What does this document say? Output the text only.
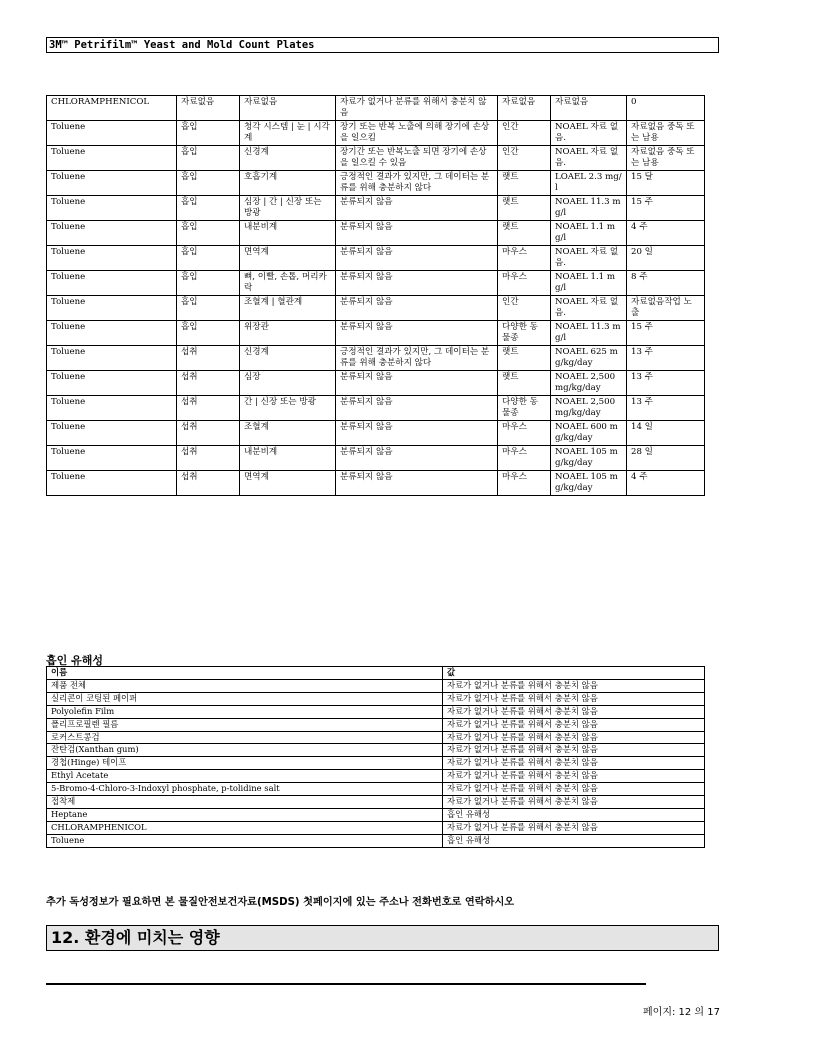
3M™ Petrifilm™ Yeast and Mold Count Plates
CHLORAMPHENICOL	자료없음	자료없음	자료가 없거나 분류를 위해서 충분치 않음	자료없음	자료없음	0
Toluene	흡입	청각 시스템 | 눈 | 시각계	장기 또는 반복 노출에 의해 장기에 손상을 일으킴	인간	NOAEL 자료 없음.	자료없음 중독 또는 남용
Toluene	흡입	신경계	장기간 또는 반복노출 되면 장기에 손상을 일으킬 수 있음	인간	NOAEL 자료 없음.	자료없음 중독 또는 남용
Toluene	흡입	호흡기계	긍정적인 결과가 있지만, 그 데이터는 분류를 위해 충분하지 않다	랫트	LOAEL 2.3 mg/l	15 달
Toluene	흡입	심장 | 간 | 신장 또는 방광	분류되지 않음	랫트	NOAEL 11.3 mg/l	15 주
Toluene	흡입	내분비계	분류되지 않음	랫트	NOAEL 1.1 mg/l	4 주
Toluene	흡입	면역계	분류되지 않음	마우스	NOAEL 자료 없음.	20 일
Toluene	흡입	뼈, 이빨, 손톱, 머리카락	분류되지 않음	마우스	NOAEL 1.1 mg/l	8 주
Toluene	흡입	조혈계 | 혈관계	분류되지 않음	인간	NOAEL 자료 없음.	자료없음작업 노출
Toluene	흡입	위장관	분류되지 않음	다양한 동물종	NOAEL 11.3 mg/l	15 주
Toluene	섭취	신경계	긍정적인 결과가 있지만, 그 데이터는 분류를 위해 충분하지 않다	랫트	NOAEL 625 mg/kg/day	13 주
Toluene	섭취	심장	분류되지 않음	랫트	NOAEL 2,500 mg/kg/day	13 주
Toluene	섭취	간 | 신장 또는 방광	분류되지 않음	다양한 동물종	NOAEL 2,500 mg/kg/day	13 주
Toluene	섭취	조혈계	분류되지 않음	마우스	NOAEL 600 mg/kg/day	14 일
Toluene	섭취	내분비계	분류되지 않음	마우스	NOAEL 105 mg/kg/day	28 일
Toluene	섭취	면역계	분류되지 않음	마우스	NOAEL 105 mg/kg/day	4 주
흡인 유해성
이름	값
제품 전체	자료가 없거나 분류를 위해서 충분치 않음
실리콘이 코팅된 페이퍼	자료가 없거나 분류를 위해서 충분치 않음
Polyolefin Film	자료가 없거나 분류를 위해서 충분치 않음
폴리프로필렌 필름	자료가 없거나 분류를 위해서 충분치 않음
로커스트콩검	자료가 없거나 분류를 위해서 충분치 않음
잔탄검(Xanthan gum)	자료가 없거나 분류를 위해서 충분치 않음
경첩(Hinge) 테이프	자료가 없거나 분류를 위해서 충분치 않음
Ethyl Acetate	자료가 없거나 분류를 위해서 충분치 않음
5-Bromo-4-Chloro-3-Indoxyl phosphate, p-tolidine salt	자료가 없거나 분류를 위해서 충분치 않음
접착제	자료가 없거나 분류를 위해서 충분치 않음
Heptane	흡인 유해성
CHLORAMPHENICOL	자료가 없거나 분류를 위해서 충분치 않음
Toluene	흡인 유해성
추가 독성정보가 필요하면 본 물질안전보건자료(MSDS) 첫페이지에 있는 주소나 전화번호로 연락하시오
12. 환경에 미치는 영향
페이지: 12 의 17
